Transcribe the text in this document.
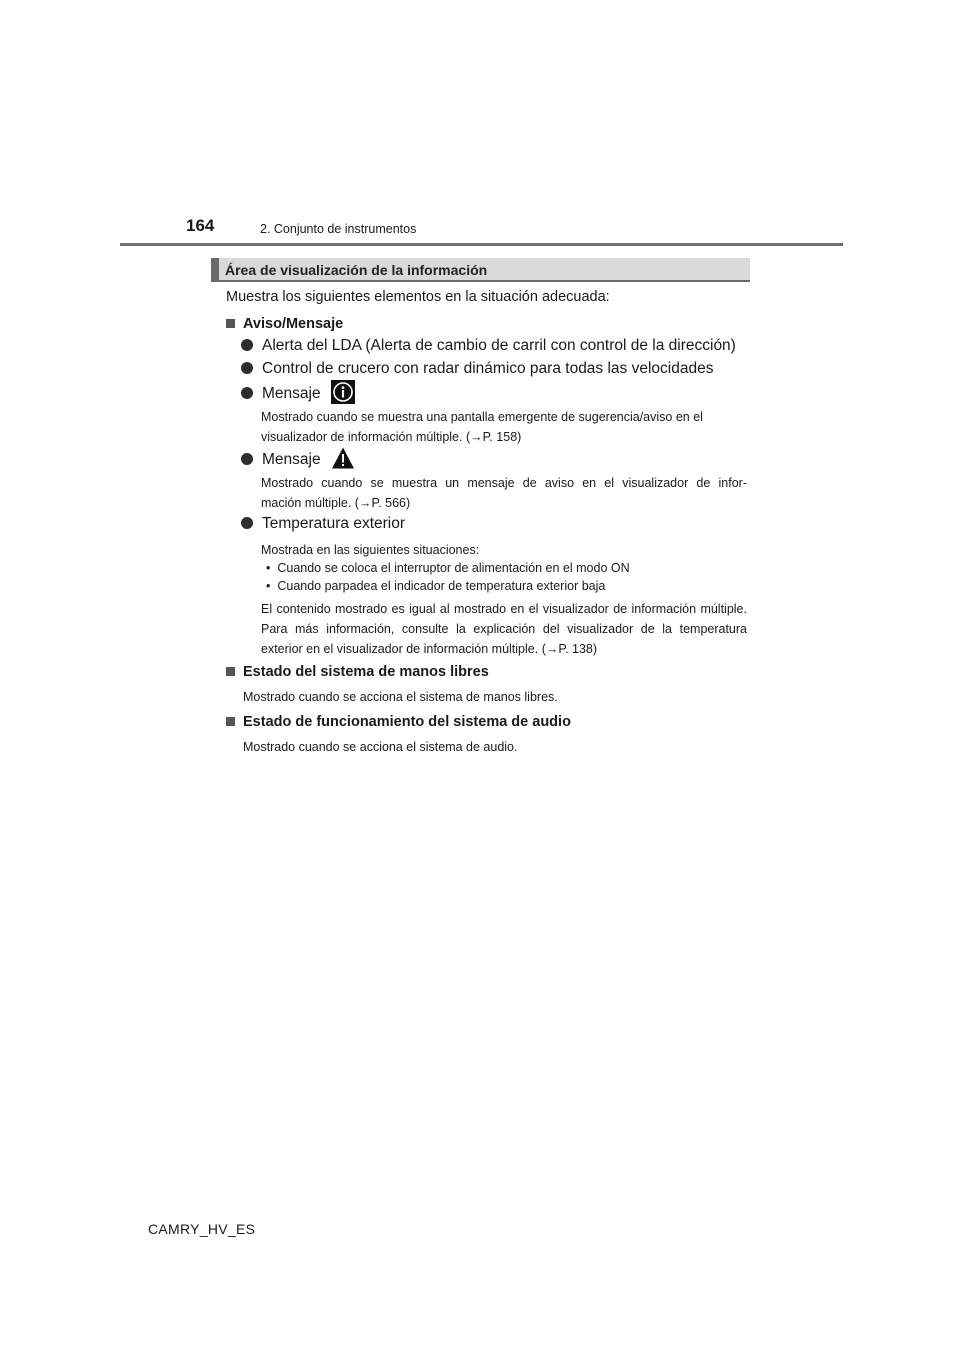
164	2. Conjunto de instrumentos
Área de visualización de la información
Muestra los siguientes elementos en la situación adecuada:
Aviso/Mensaje
Alerta del LDA (Alerta de cambio de carril con control de la dirección)
Control de crucero con radar dinámico para todas las velocidades
Mensaje
Mostrado cuando se muestra una pantalla emergente de sugerencia/aviso en el
visualizador de información múltiple. (→P. 158)
Mensaje
Mostrado cuando se muestra un mensaje de aviso en el visualizador de infor-
mación múltiple. (→P. 566)
Temperatura exterior
Mostrada en las siguientes situaciones:
• Cuando se coloca el interruptor de alimentación en el modo ON
• Cuando parpadea el indicador de temperatura exterior baja
El contenido mostrado es igual al mostrado en el visualizador de información múltiple. Para más información, consulte la explicación del visualizador de la temperatura exterior en el visualizador de información múltiple. (→P. 138)
Estado del sistema de manos libres
Mostrado cuando se acciona el sistema de manos libres.
Estado de funcionamiento del sistema de audio
Mostrado cuando se acciona el sistema de audio.
CAMRY_HV_ES
